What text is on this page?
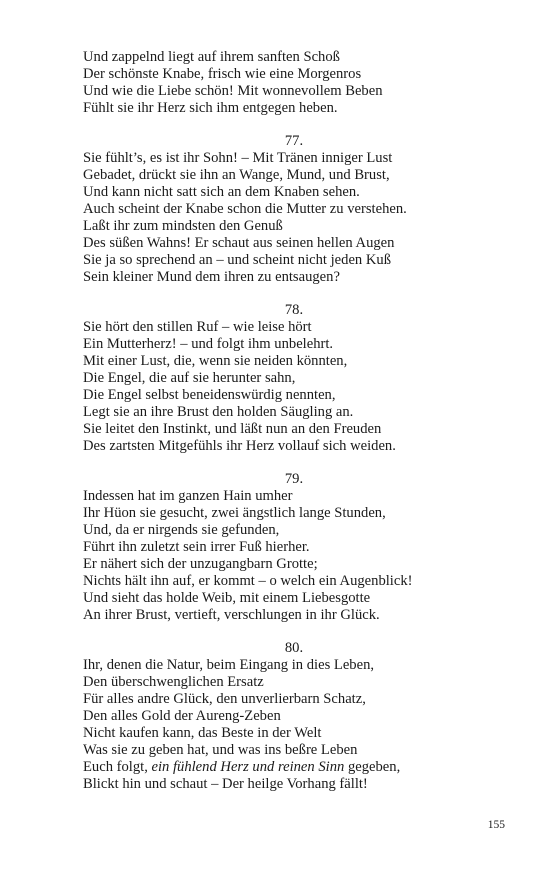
Und zappelnd liegt auf ihrem sanften Schoß
Der schönste Knabe, frisch wie eine Morgenros
Und wie die Liebe schön! Mit wonnevollem Beben
Fühlt sie ihr Herz sich ihm entgegen heben.
77.
Sie fühlt’s, es ist ihr Sohn! – Mit Tränen inniger Lust
Gebadet, drückt sie ihn an Wange, Mund, und Brust,
Und kann nicht satt sich an dem Knaben sehen.
Auch scheint der Knabe schon die Mutter zu verstehen.
Laßt ihr zum mindsten den Genuß
Des süßen Wahns! Er schaut aus seinen hellen Augen
Sie ja so sprechend an – und scheint nicht jeden Kuß
Sein kleiner Mund dem ihren zu entsaugen?
78.
Sie hört den stillen Ruf – wie leise hört
Ein Mutterherz! – und folgt ihm unbelehrt.
Mit einer Lust, die, wenn sie neiden könnten,
Die Engel, die auf sie herunter sahn,
Die Engel selbst beneidenswürdig nennten,
Legt sie an ihre Brust den holden Säugling an.
Sie leitet den Instinkt, und läßt nun an den Freuden
Des zartsten Mitgefühls ihr Herz vollauf sich weiden.
79.
Indessen hat im ganzen Hain umher
Ihr Hüon sie gesucht, zwei ängstlich lange Stunden,
Und, da er nirgends sie gefunden,
Führt ihn zuletzt sein irrer Fuß hierher.
Er nähert sich der unzugangbarn Grotte;
Nichts hält ihn auf, er kommt – o welch ein Augenblick!
Und sieht das holde Weib, mit einem Liebesgotte
An ihrer Brust, vertieft, verschlungen in ihr Glück.
80.
Ihr, denen die Natur, beim Eingang in dies Leben,
Den überschwenglichen Ersatz
Für alles andre Glück, den unverlierbarn Schatz,
Den alles Gold der Aureng-Zeben
Nicht kaufen kann, das Beste in der Welt
Was sie zu geben hat, und was ins beßre Leben
Euch folgt, ein fühlend Herz und reinen Sinn gegeben,
Blickt hin und schaut – Der heilge Vorhang fällt!
155
